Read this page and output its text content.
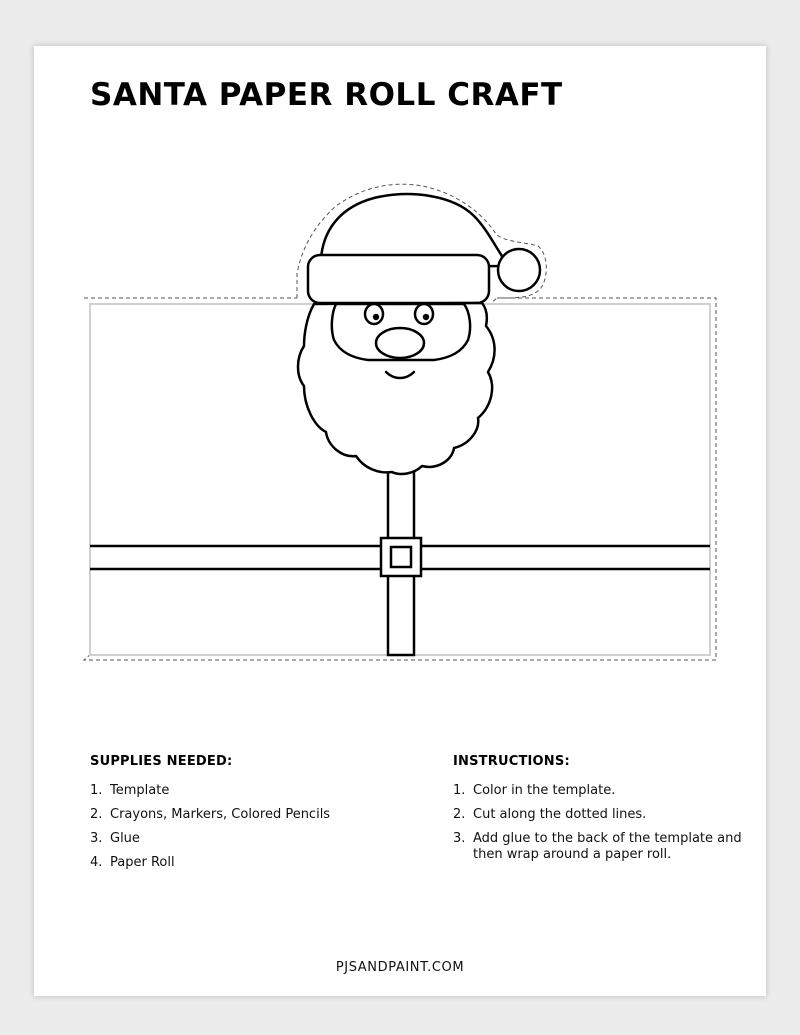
SANTA PAPER ROLL CRAFT
SUPPLIES NEEDED:
1. Template
2. Crayons, Markers, Colored Pencils
3. Glue
4. Paper Roll
INSTRUCTIONS:
1. Color in the template.
2. Cut along the dotted lines.
3. Add glue to the back of the template and then wrap around a paper roll.
PJSANDPAINT.COM
